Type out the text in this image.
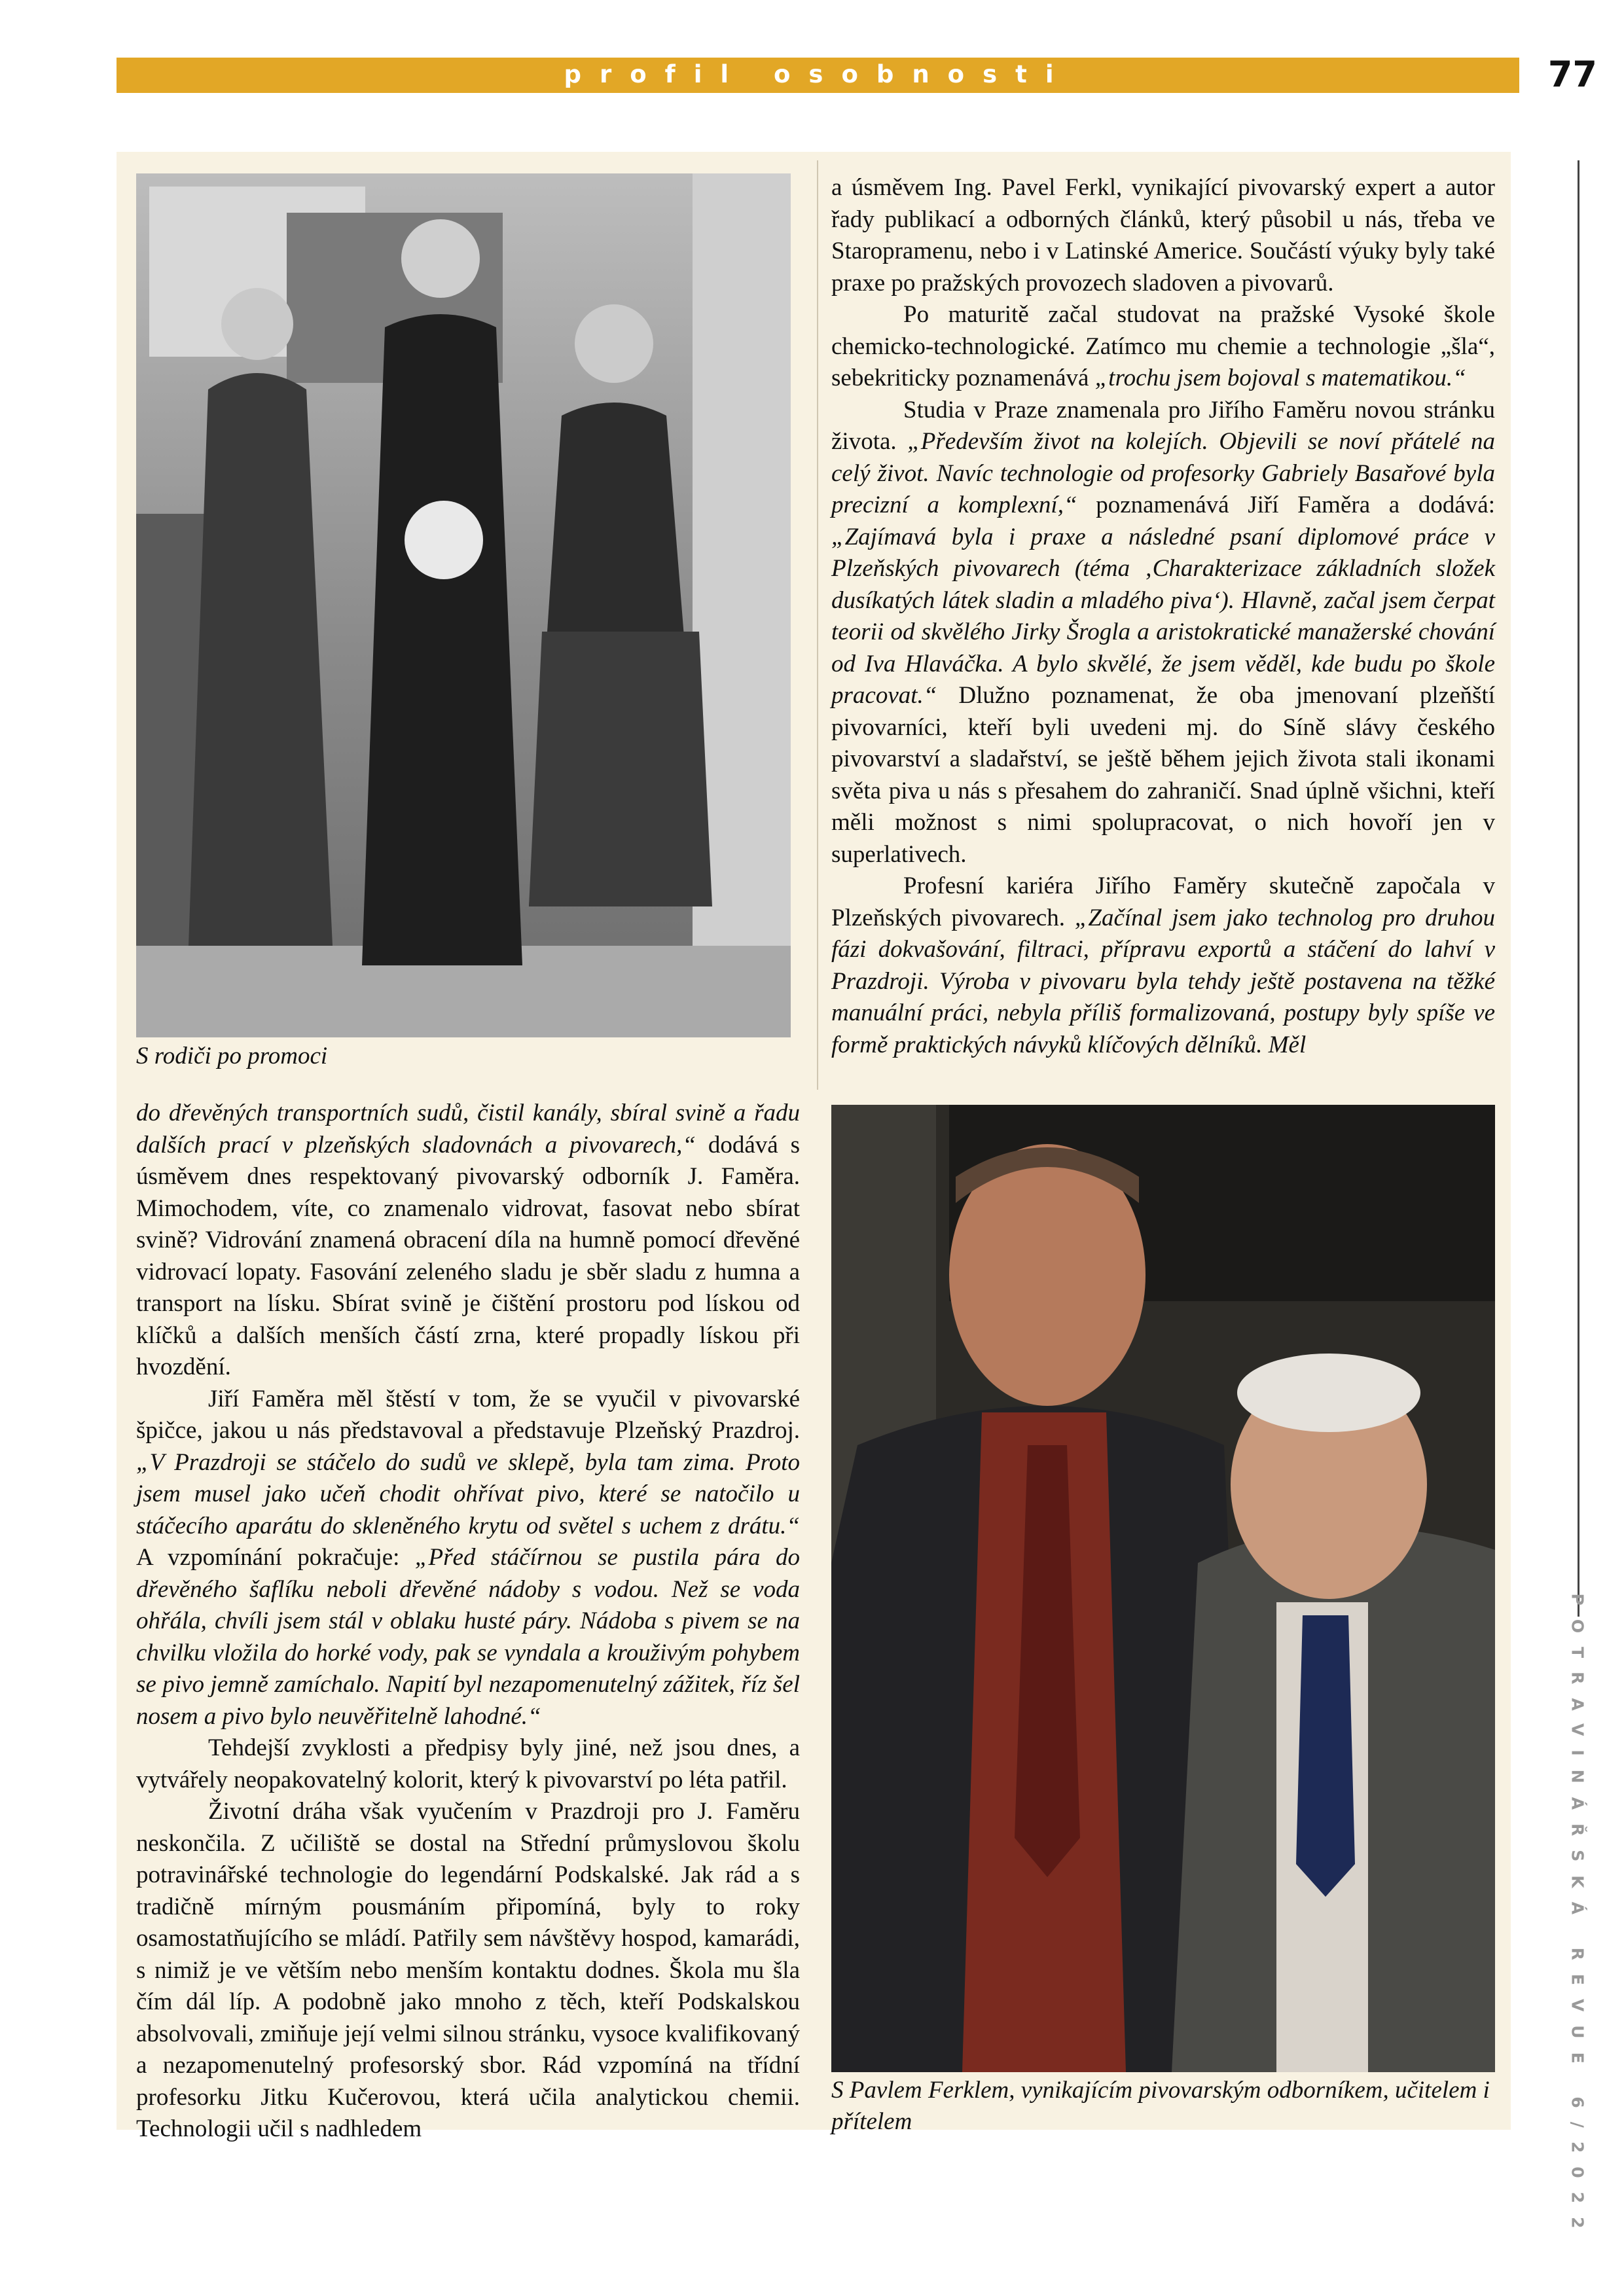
profil osobnosti	77
S rodiči po promoci

a úsměvem Ing. Pavel Ferkl, vynikající pivovarský expert a autor řady publikací a odborných článků, který působil u nás, třeba ve Staropramenu, nebo i v Latinské Americe. Součástí výuky byly také praxe po pražských provozech sladoven a pivovarů.

Po maturitě začal studovat na pražské Vysoké škole chemicko-technologické. Zatímco mu chemie a technologie „šla“, sebekriticky poznamenává „trochu jsem bojoval s matematikou.“

Studia v Praze znamenala pro Jiřího Faměru novou stránku života. „Především život na kolejích. Objevili se noví přátelé na celý život. Navíc technologie od profesorky Gabriely Basařové byla precizní a komplexní,“ poznamenává Jiří Faměra a dodává: „Zajímavá byla i praxe a následné psaní diplomové práce v Plzeňských pivovarech (téma ‚Charakterizace základních složek dusíkatých látek sladin a mladého piva‘). Hlavně, začal jsem čerpat teorii od skvělého Jirky Šrogla a aristokratické manažerské chování od Iva Hlaváčka. A bylo skvělé, že jsem věděl, kde budu po škole pracovat.“ Dlužno poznamenat, že oba jmenovaní plzeňští pivovarníci, kteří byli uvedeni mj. do Síně slávy českého pivovarství a sladařství, se ještě během jejich života stali ikonami světa piva u nás s přesahem do zahraničí. Snad úplně všichni, kteří měli možnost s nimi spolupracovat, o nich hovoří jen v superlativech.

Profesní kariéra Jiřího Faměry skutečně započala v Plzeňských pivovarech. „Začínal jsem jako technolog pro druhou fázi dokvašování, filtraci, přípravu exportů a stáčení do lahví v Prazdroji. Výroba v pivovaru byla tehdy ještě postavena na těžké manuální práci, nebyla příliš formalizovaná, postupy byly spíše ve formě praktických návyků klíčových dělníků. Měl

do dřevěných transportních sudů, čistil kanály, sbíral svině a řadu dalších prací v plzeňských sladovnách a pivovarech,“ dodává s úsměvem dnes respektovaný pivovarský odborník J. Faměra. Mimochodem, víte, co znamenalo vidrovat, fasovat nebo sbírat svině? Vidrování znamená obracení díla na humně pomocí dřevěné vidrovací lopaty. Fasování zeleného sladu je sběr sladu z humna a transport na lísku. Sbírat svině je čištění prostoru pod lískou od klíčků a dalších menších částí zrna, které propadly lískou při hvozdění.

Jiří Faměra měl štěstí v tom, že se vyučil v pivovarské špičce, jakou u nás představoval a představuje Plzeňský Prazdroj. „V Prazdroji se stáčelo do sudů ve sklepě, byla tam zima. Proto jsem musel jako učeň chodit ohřívat pivo, které se natočilo u stáčecího aparátu do skleněného krytu od světel s uchem z drátu.“ A vzpomínání pokračuje: „Před stáčírnou se pustila pára do dřevěného šaflíku neboli dřevěné nádoby s vodou. Než se voda ohřála, chvíli jsem stál v oblaku husté páry. Nádoba s pivem se na chvilku vložila do horké vody, pak se vyndala a krouživým pohybem se pivo jemně zamíchalo. Napití byl nezapomenutelný zážitek, říz šel nosem a pivo bylo neuvěřitelně lahodné.“

Tehdejší zvyklosti a předpisy byly jiné, než jsou dnes, a vytvářely neopakovatelný kolorit, který k pivovarství po léta patřil.

Životní dráha však vyučením v Prazdroji pro J. Faměru neskončila. Z učiliště se dostal na Střední průmyslovou školu potravinářské technologie do legendární Podskalské. Jak rád a s tradičně mírným pousmáním připomíná, byly to roky osamostatňujícího se mládí. Patřily sem návštěvy hospod, kamarádi, s nimiž je ve větším nebo menším kontaktu dodnes. Škola mu šla čím dál líp. A podobně jako mnoho z těch, kteří Podskalskou absolvovali, zmiňuje její velmi silnou stránku, vysoce kvalifikovaný a nezapomenutelný profesorský sbor. Rád vzpomíná na třídní profesorku Jitku Kučerovou, která učila analytickou chemii. Technologii učil s nadhledem

S Pavlem Ferklem, vynikajícím pivovarským odborníkem, učitelem i přítelem	POTRAVINÁŘSKÁ REVUE 6/2022
